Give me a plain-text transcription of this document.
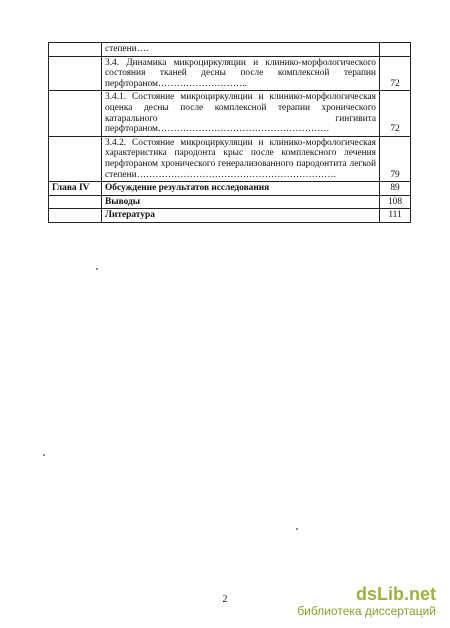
	степени….	
	3.4. Динамика микроциркуляции и клинико-морфологического состояния тканей десны после комплексной терапии перфтораном………………………..	72
	3.4.1. Состояние микроциркуляции и клинико-морфологическая оценка десны после комплексной терапии хронического катарального гингивита перфтораном……………………………………………….	72
	3.4.2. Состояние микроциркуляции и клинико-морфологическая характеристика пародонта крыс после комплексного лечения перфтораном хронического генерализованного пародонтита легкой степени……………………………………………………….	79
Глава IV	Обсуждение результатов исследования	89
	Выводы	108
	Литература	111
2	dsLib.net
библиотека диссертаций
